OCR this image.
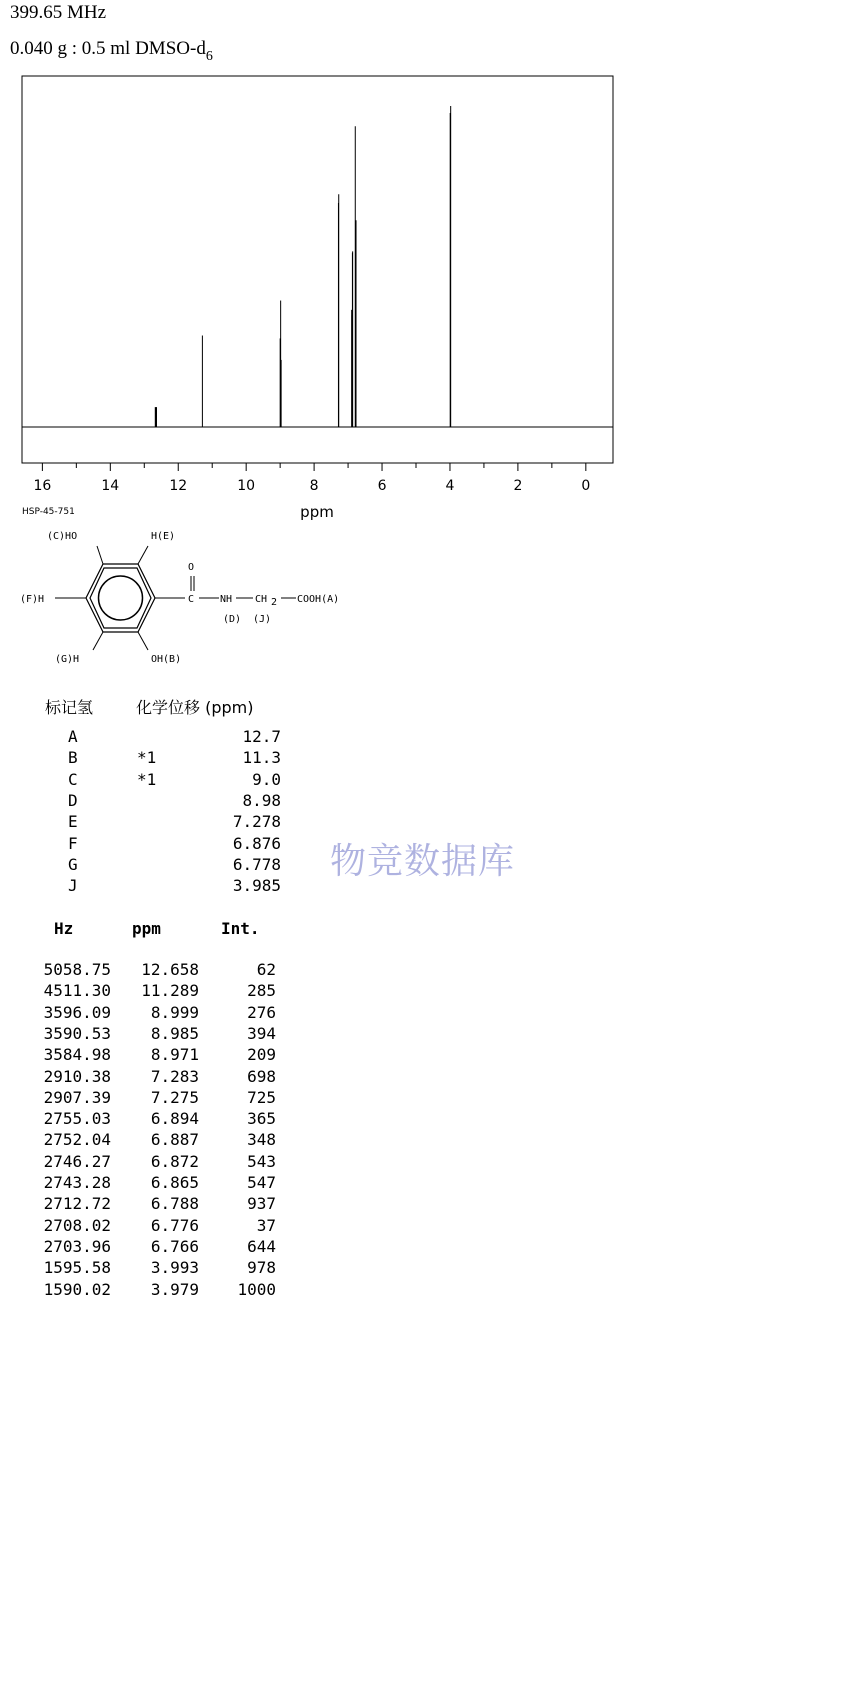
399.65 MHz
0.040 g : 0.5 ml DMSO-$d_6$
16	14	12	10	8	6	4	2	0
ppm
HSP-45-751
(C)HO	H(E)
(F)H
(G)H	OH(B)
O
C	NH CH 2 COOH(A)
(D) (J)
标记氢	化学位移 (ppm)
A	12.7
B	*1	11.3
C	*1	9.0
D	8.98
E	7.278
F	6.876
G	6.778
J	3.985
物竞数据库
Hz	ppm	Int.
5058.75 12.658	62
4511.30 11.289	285
3596.09 8.999	276
3590.53 8.985	394
3584.98 8.971	209
2910.38 7.283	698
2907.39 7.275	725
2755.03 6.894	365
2752.04 6.887	348
2746.27 6.872	543
2743.28 6.865	547
2712.72 6.788	937
2708.02 6.776	37
2703.96 6.766	644
1595.58 3.993	978
1590.02 3.979 1000
